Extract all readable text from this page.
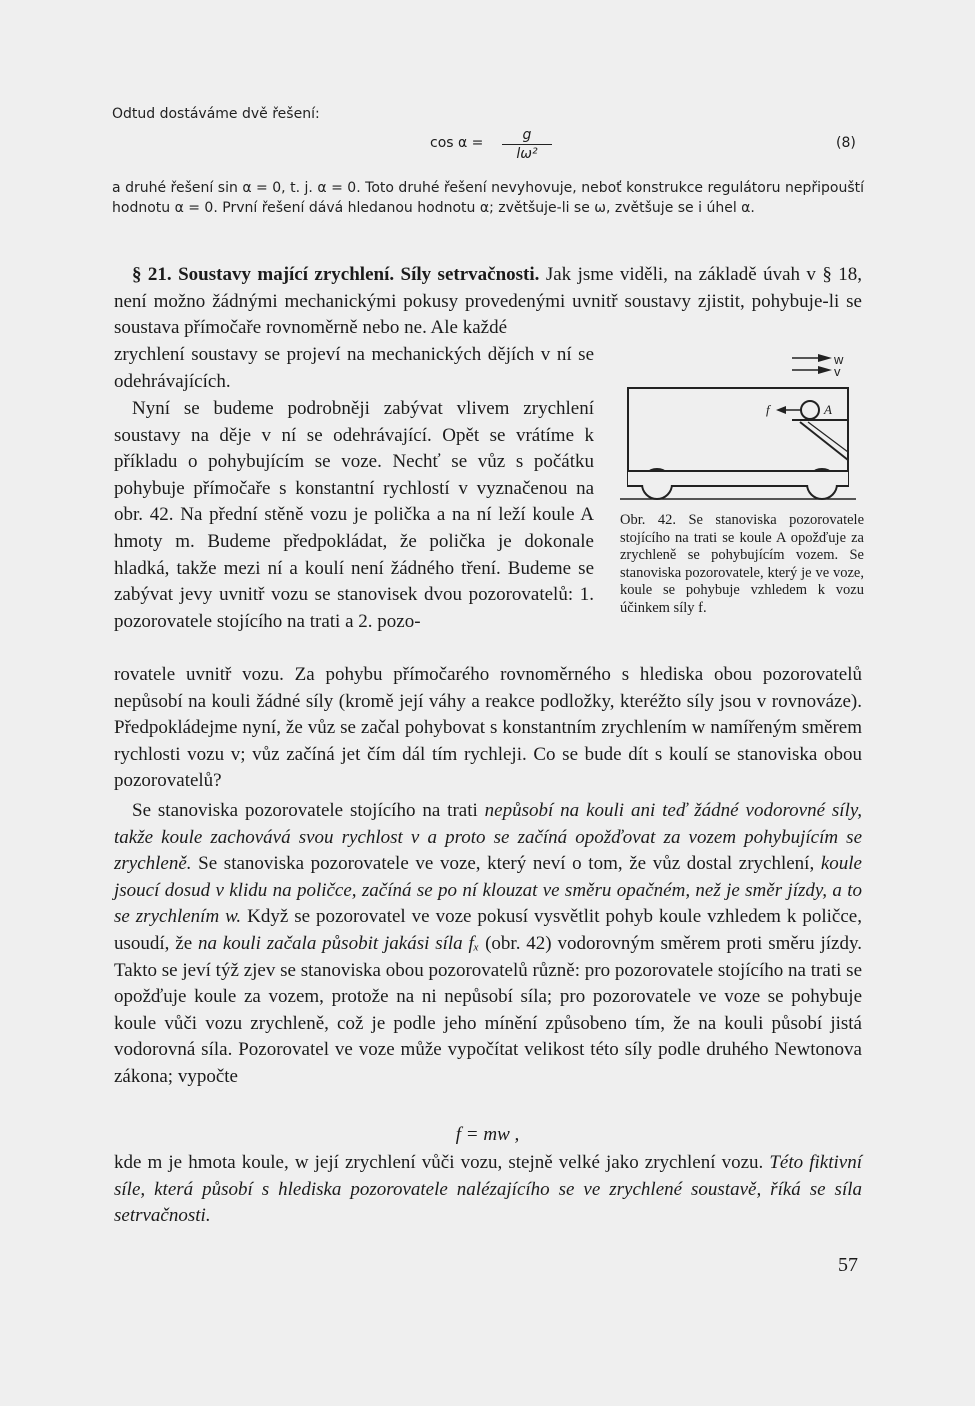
Odtud dostáváme dvě řešení:
cos α =	g
lω²
(8)
a druhé řešení sin α = 0, t. j. α = 0. Toto druhé řešení nevyhovuje, neboť konstrukce regulátoru nepřipouští hodnotu α = 0. První řešení dává hledanou hodnotu α; zvětšuje-li se ω, zvětšuje se i úhel α.
§ 21. Soustavy mající zrychlení. Síly setrvačnosti. Jak jsme viděli, na základě úvah v § 18, není možno žádnými mechanickými pokusy provedenými uvnitř soustavy zjistit, pohybuje-li se soustava přímočaře rovnoměrně nebo ne. Ale každé
zrychlení soustavy se projeví na mechanických dějích v ní se odehrávajících.
Nyní se budeme podrobněji zabývat vlivem zrychlení soustavy na děje v ní se odehrávající. Opět se vrátíme k příkladu o pohybujícím se voze. Nechť se vůz s počátku pohybuje přímočaře s konstantní rychlostí v vyznačenou na obr. 42. Na přední stěně vozu je polička a na ní leží koule A hmoty m. Budeme předpokládat, že polička je dokonale hladká, takže mezi ní a koulí není žádného tření. Budeme se zabývat jevy uvnitř vozu se stanovisek dvou pozorovatelů: 1. pozorovatele stojícího na trati a 2. pozo-
rovatele uvnitř vozu. Za pohybu přímočarého rovnoměrného s hlediska obou pozorovatelů nepůsobí na kouli žádné síly (kromě její váhy a reakce podložky, kteréžto síly jsou v rovnováze). Předpokládejme nyní, že vůz se začal pohybovat s konstantním zrychlením w namířeným směrem rychlosti vozu v; vůz začíná jet čím dál tím rychleji. Co se bude dít s koulí se stanoviska obou pozorovatelů?
Se stanoviska pozorovatele stojícího na trati nepůsobí na kouli ani teď žádné vodorovné síly, takže koule zachovává svou rychlost v a proto se začíná opožďovat za vozem pohybujícím se zrychleně. Se stanoviska pozorovatele ve voze, který neví o tom, že vůz dostal zrychlení, koule jsoucí dosud v klidu na poličce, začíná se po ní klouzat ve směru opačném, než je směr jízdy, a to se zrychlením w. Když se pozorovatel ve voze pokusí vysvětlit pohyb koule vzhledem k poličce, usoudí, že na kouli začala působit jakási síla fₓ (obr. 42) vodorovným směrem proti směru jízdy. Takto se jeví týž zjev se stanoviska obou pozorovatelů různě: pro pozorovatele stojícího na trati se opožďuje koule za vozem, protože na ni nepůsobí síla; pro pozorovatele ve voze se pohybuje koule vůči vozu zrychleně, což je podle jeho mínění způsobeno tím, že na kouli působí jistá vodorovná síla. Pozorovatel ve voze může vypočítat velikost této síly podle druhého Newtonova zákona; vypočte
f = mw ,
kde m je hmota koule, w její zrychlení vůči vozu, stejně velké jako zrychlení vozu. Této fiktivní síle, která působí s hlediska pozorovatele nalézajícího se ve zrychlené soustavě, říká se síla setrvačnosti.
w
v
A
f
Obr. 42. Se stanoviska pozorovatele stojícího na trati se koule A opožďuje za zrychleně se pohybujícím vozem. Se stanoviska pozorovatele, který je ve voze, koule se pohybuje vzhledem k vozu účinkem síly f.
57
